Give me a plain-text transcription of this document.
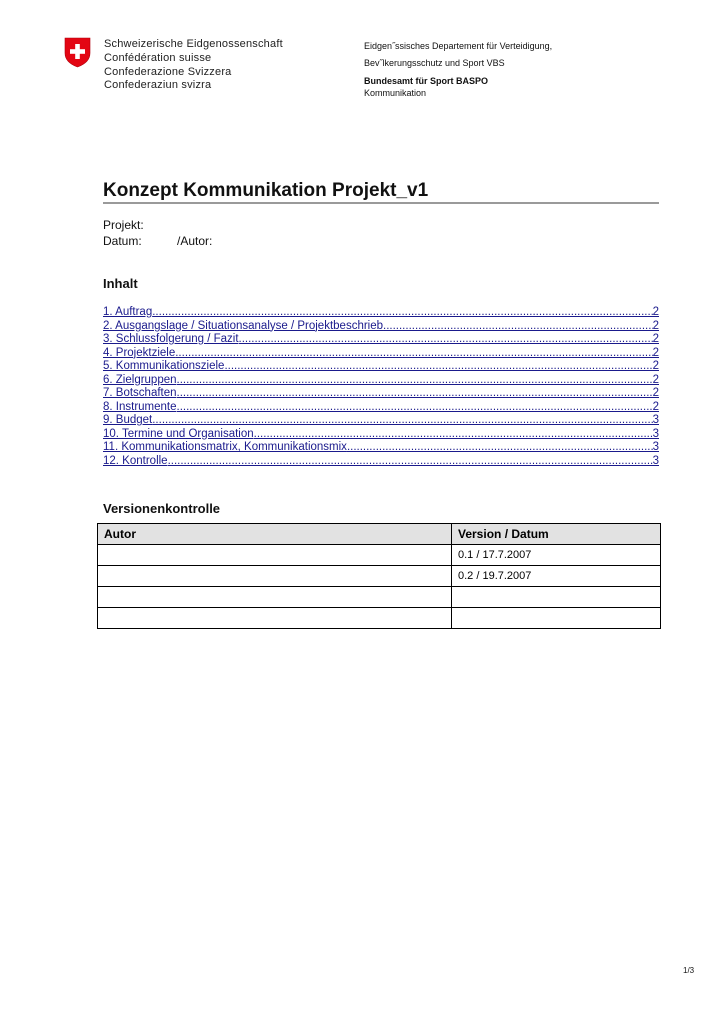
Schweizerische Eidgenossenschaft
Confédération suisse
Confederazione Svizzera
Confederaziun svizra
Eidgen˝ssisches Departement für Verteidigung,
Bev˝lkerungsschutz und Sport VBS
Bundesamt für Sport BASPO
Kommunikation
Konzept Kommunikation Projekt_v1
Projekt:
Datum:	/Autor:
Inhalt
1. Auftrag .....	2
2. Ausgangslage / Situationsanalyse / Projektbeschrieb .....	2
3. Schlussfolgerung / Fazit .....	2
4. Projektziele .....	2
5. Kommunikationsziele .....	2
6. Zielgruppen .....	2
7. Botschaften .....	2
8. Instrumente .....	2
9. Budget .....	3
10. Termine und Organisation .....	3
11. Kommunikationsmatrix, Kommunikationsmix .....	3
12. Kontrolle .....	3
Versionenkontrolle
Autor	Version / Datum
	0.1 / 17.7.2007
	0.2 / 19.7.2007

1/3
